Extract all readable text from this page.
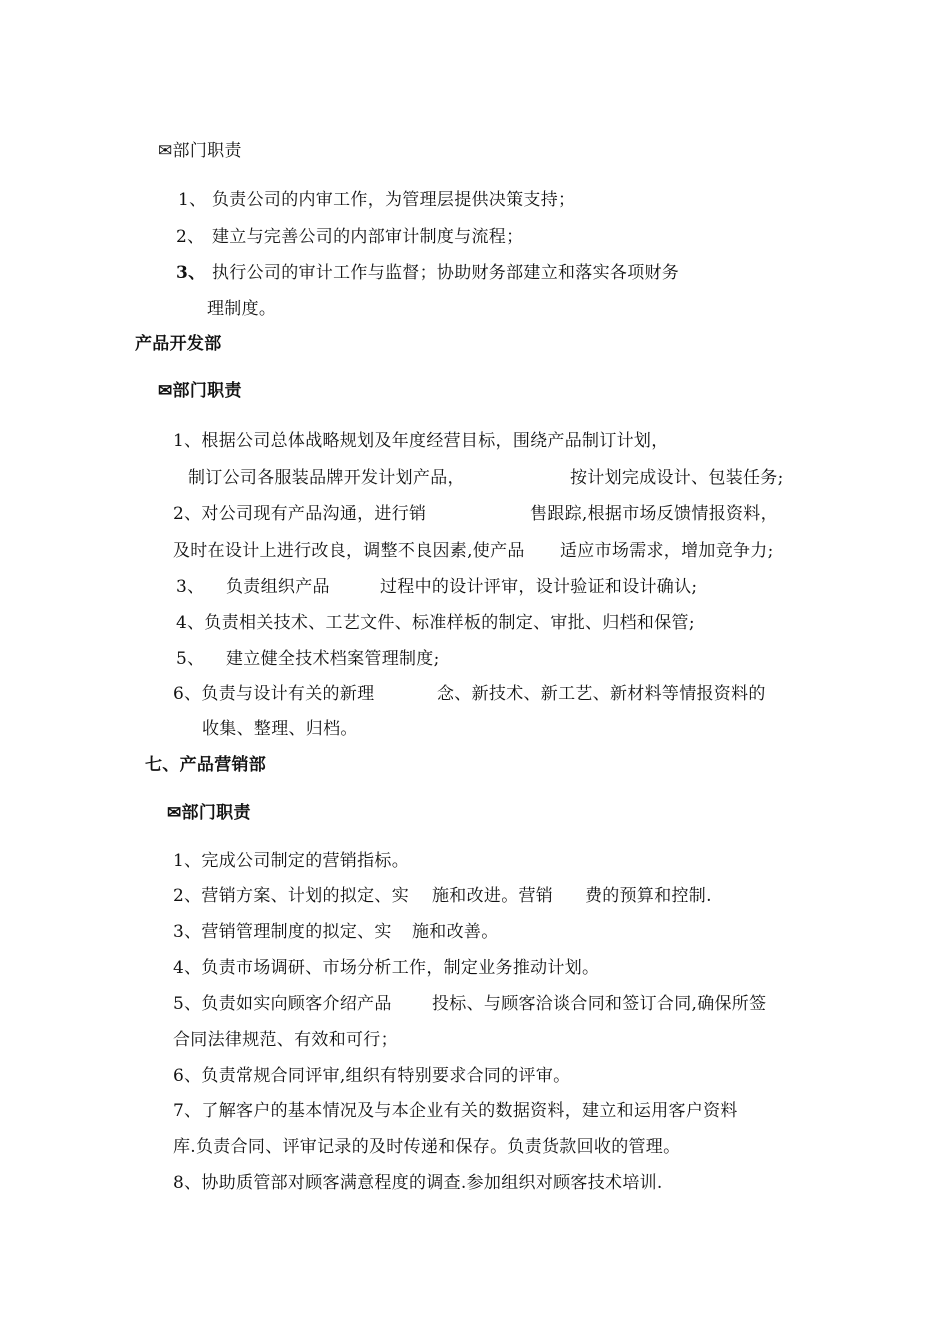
✉部门职责
1、 负责公司的内审工作，为管理层提供决策支持；
2、 建立与完善公司的内部审计制度与流程；
3、 执行公司的审计工作与监督；协助财务部建立和落实各项财务
理制度。
产品开发部
✉部门职责
1、根据公司总体战略规划及年度经营目标，围绕产品制订计划，
制订公司各服装品牌开发计划产品，	按计划完成设计、包装任务;
2、对公司现有产品沟通，进行销	售跟踪,根据市场反馈情报资料，
及时在设计上进行改良，调整不良因素,使产品 适应市场需求，增加竞争力;
3、 负责组织产品	过程中的设计评审，设计验证和设计确认;
4、负责相关技术、工艺文件、标准样板的制定、审批、归档和保管;
5、 建立健全技术档案管理制度;
6、负责与设计有关的新理	念、新技术、新工艺、新材料等情报资料的
收集、整理、归档。
七、产品营销部
✉部门职责
1、完成公司制定的营销指标。
2、营销方案、计划的拟定、实 施和改进。营销 费的预算和控制.
3、营销管理制度的拟定、实 施和改善。
4、负责市场调研、市场分析工作，制定业务推动计划。
5、负责如实向顾客介绍产品 投标、与顾客洽谈合同和签订合同,确保所签
合同法律规范、有效和可行；
6、负责常规合同评审,组织有特别要求合同的评审。
7、了解客户的基本情况及与本企业有关的数据资料，建立和运用客户资料
库.负责合同、评审记录的及时传递和保存。负责货款回收的管理。
8、协助质管部对顾客满意程度的调查.参加组织对顾客技术培训.
